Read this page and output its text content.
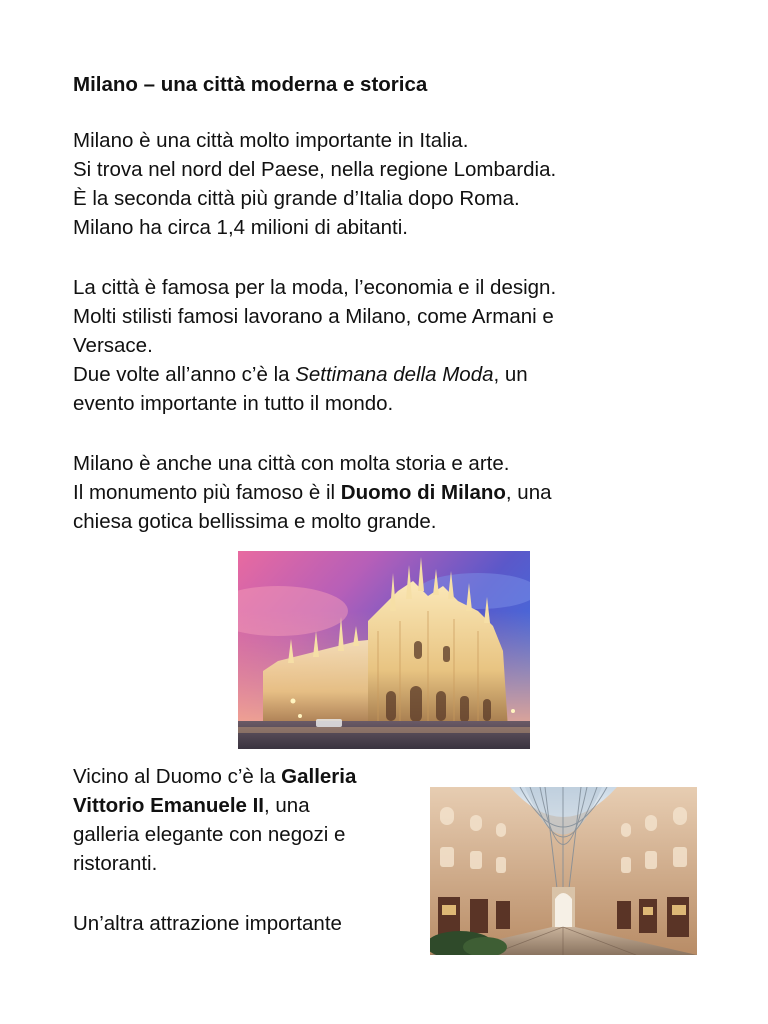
Milano – una città moderna e storica
Milano è una città molto importante in Italia.
Si trova nel nord del Paese, nella regione Lombardia.
È la seconda città più grande d’Italia dopo Roma.
Milano ha circa 1,4 milioni di abitanti.
La città è famosa per la moda, l’economia e il design.
Molti stilisti famosi lavorano a Milano, come Armani e
Versace.
Due volte all’anno c’è la Settimana della Moda, un
evento importante in tutto il mondo.
Milano è anche una città con molta storia e arte.
Il monumento più famoso è il Duomo di Milano, una
chiesa gotica bellissima e molto grande.
Vicino al Duomo c’è la Galleria
Vittorio Emanuele II, una
galleria elegante con negozi e
ristoranti.
Un’altra attrazione importante
